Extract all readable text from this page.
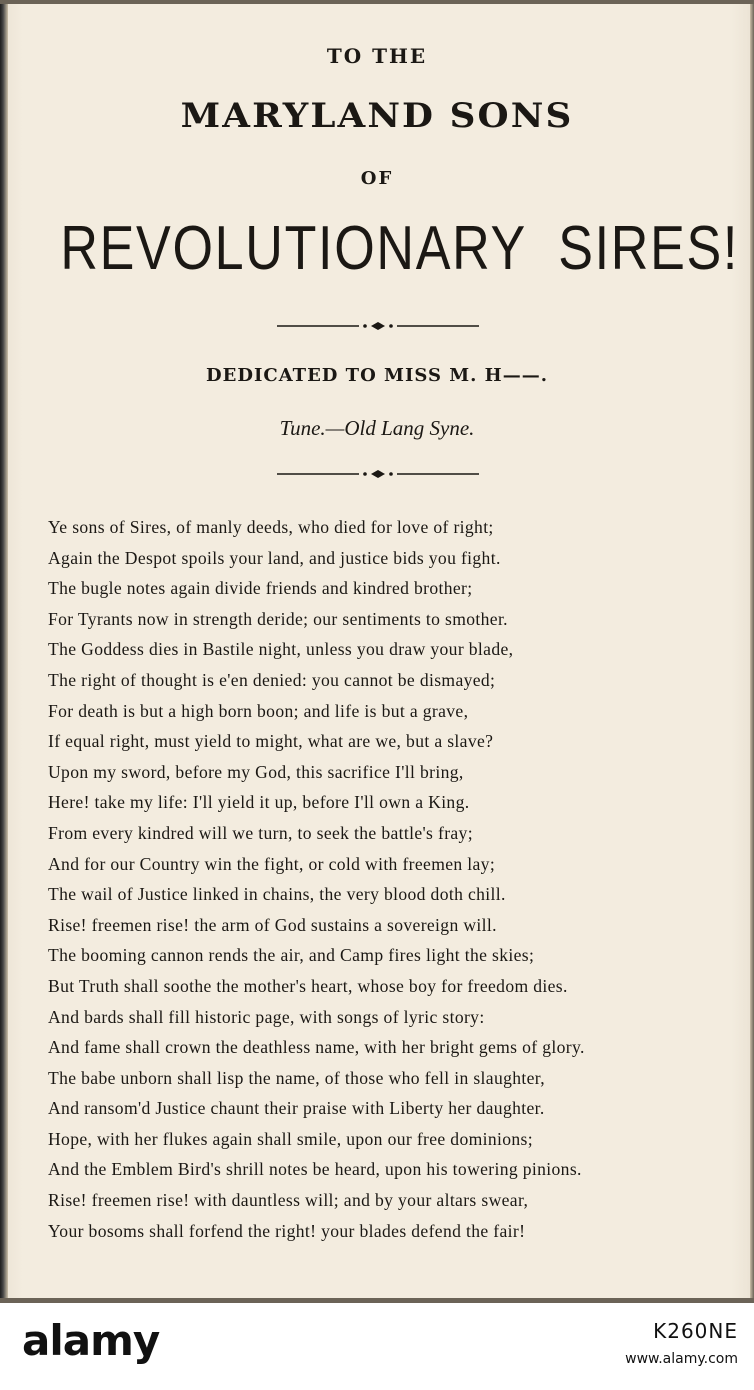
TO THE
MARYLAND SONS
OF
REVOLUTIONARY  SIRES!
DEDICATED TO MISS M. H——.
Tune.—Old Lang Syne.
Ye sons of Sires, of manly deeds, who died for love of right;
Again the Despot spoils your land, and justice bids you fight.
The bugle notes again divide friends and kindred brother;
For Tyrants now in strength deride; our sentiments to smother.
The Goddess dies in Bastile night, unless you draw your blade,
The right of thought is e'en denied: you cannot be dismayed;
For death is but a high born boon; and life is but a grave,
If equal right, must yield to might, what are we, but a slave?
Upon my sword, before my God, this sacrifice I'll bring,
Here! take my life: I'll yield it up, before I'll own a King.
From every kindred will we turn, to seek the battle's fray;
And for our Country win the fight, or cold with freemen lay;
The wail of Justice linked in chains, the very blood doth chill.
Rise! freemen rise! the arm of God sustains a sovereign will.
The booming cannon rends the air, and Camp fires light the skies;
But Truth shall soothe the mother's heart, whose boy for freedom dies.
And bards shall fill historic page, with songs of lyric story:
And fame shall crown the deathless name, with her bright gems of glory.
The babe unborn shall lisp the name, of those who fell in slaughter,
And ransom'd Justice chaunt their praise with Liberty her daughter.
Hope, with her flukes again shall smile, upon our free dominions;
And the Emblem Bird's shrill notes be heard, upon his towering pinions.
Rise! freemen rise! with dauntless will; and by your altars swear,
Your bosoms shall forfend the right! your blades defend the fair!
alamy	K260NE
www.alamy.com
